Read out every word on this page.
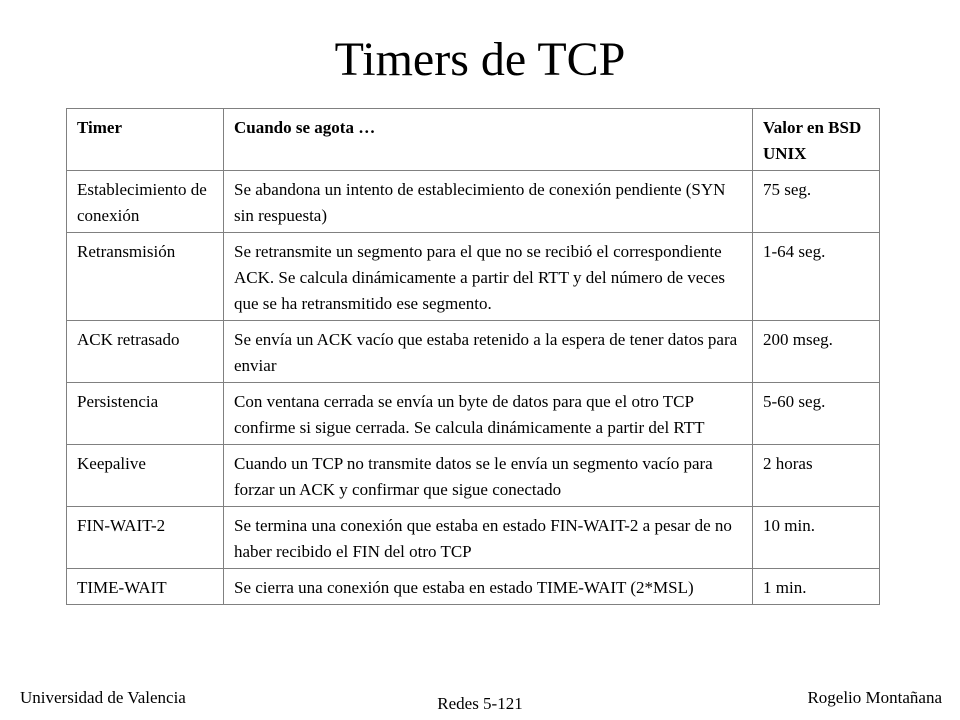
Timers de TCP
Timer	Cuando se agota …	Valor en BSD UNIX
Establecimiento de conexión	Se abandona un intento de establecimiento de conexión pendiente (SYN sin respuesta)	75 seg.
Retransmisión	Se retransmite un segmento para el que no se recibió el correspondiente ACK. Se calcula dinámicamente a partir del RTT y del número de veces que se ha retransmitido ese segmento.	1-64 seg.
ACK retrasado	Se envía un ACK vacío que estaba retenido a la espera de tener datos para enviar	200 mseg.
Persistencia	Con ventana cerrada se envía un byte de datos para que el otro TCP confirme si sigue cerrada. Se calcula dinámicamente a partir del RTT	5-60 seg.
Keepalive	Cuando un TCP no transmite datos se le envía un segmento vacío para forzar un ACK y confirmar que sigue conectado	2 horas
FIN-WAIT-2	Se termina una conexión que estaba en estado FIN-WAIT-2 a pesar de no haber recibido el FIN del otro TCP	10 min.
TIME-WAIT	Se cierra una conexión que estaba en estado TIME-WAIT (2*MSL)	1 min.
Universidad de Valencia	Redes 5-121	Rogelio Montañana
